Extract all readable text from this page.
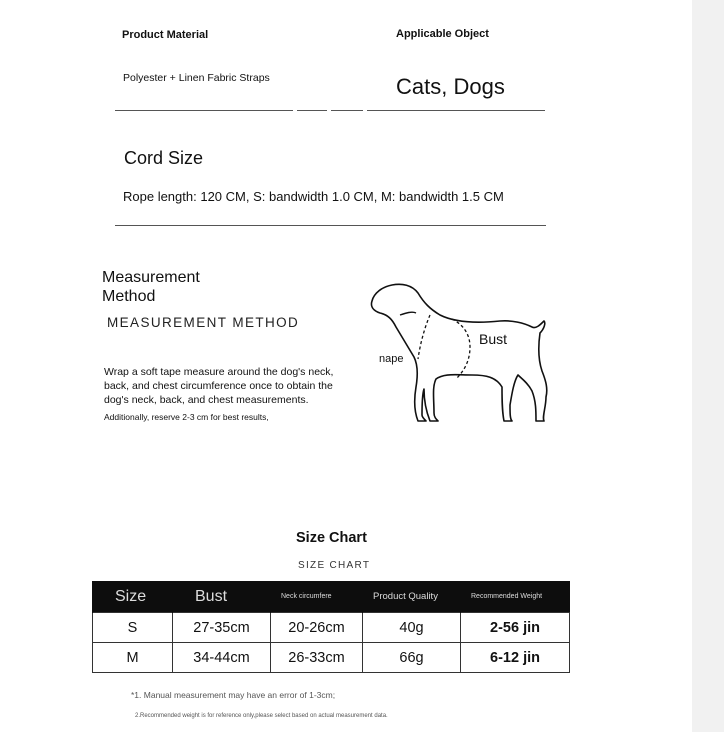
Product Material	Applicable Object
Polyester + Linen Fabric Straps	Cats, Dogs
Cord Size
Rope length: 120 CM, S: bandwidth 1.0 CM, M: bandwidth 1.5 CM
Measurement Method
MEASUREMENT METHOD
Wrap a soft tape measure around the dog's neck, back, and chest circumference once to obtain the dog's neck, back, and chest measurements.
Additionally, reserve 2-3 cm for best results,
nape
Bust
Size Chart
SIZE CHART
Size	Bust	Neck circumfere	Product Quality	Recommended Weight
S	27-35cm	20-26cm	40g	2-56 jin
M	34-44cm	26-33cm	66g	6-12 jin
*1. Manual measurement may have an error of 1-3cm;
2.Recommended weight is for reference only,please select based on actual measurement data.
